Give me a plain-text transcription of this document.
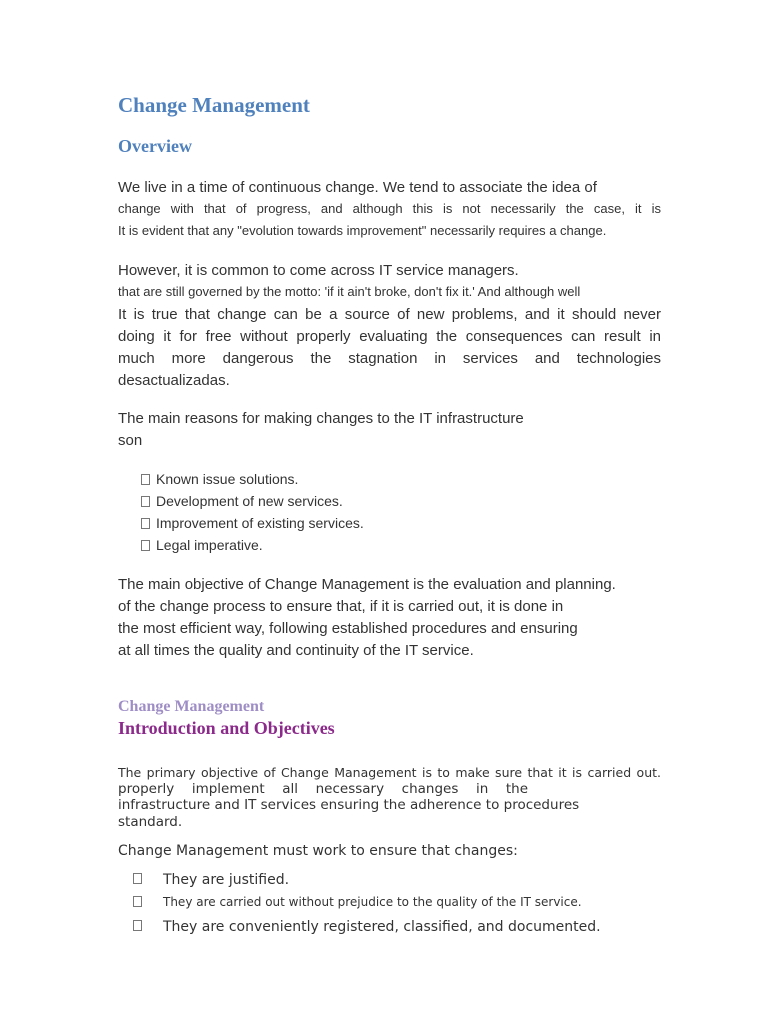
Change Management
Overview
We live in a time of continuous change. We tend to associate the idea of
change with that of progress, and although this is not necessarily the case, it is
It is evident that any "evolution towards improvement" necessarily requires a change.
However, it is common to come across IT service managers.
that are still governed by the motto: 'if it ain't broke, don't fix it.' And although well
It is true that change can be a source of new problems, and it should never
doing it for free without properly evaluating the consequences can result in
much more dangerous the stagnation in services and technologies
desactualizadas.
The main reasons for making changes to the IT infrastructure
son
Known issue solutions.
Development of new services.
Improvement of existing services.
Legal imperative.
The main objective of Change Management is the evaluation and planning.
of the change process to ensure that, if it is carried out, it is done in
the most efficient way, following established procedures and ensuring
at all times the quality and continuity of the IT service.
Change Management
Introduction and Objectives
The primary objective of Change Management is to make sure that it is carried out.
properly implement all necessary changes in the
infrastructure and IT services ensuring the adherence to procedures
standard.
Change Management must work to ensure that changes:
They are justified.
They are carried out without prejudice to the quality of the IT service.
They are conveniently registered, classified, and documented.
